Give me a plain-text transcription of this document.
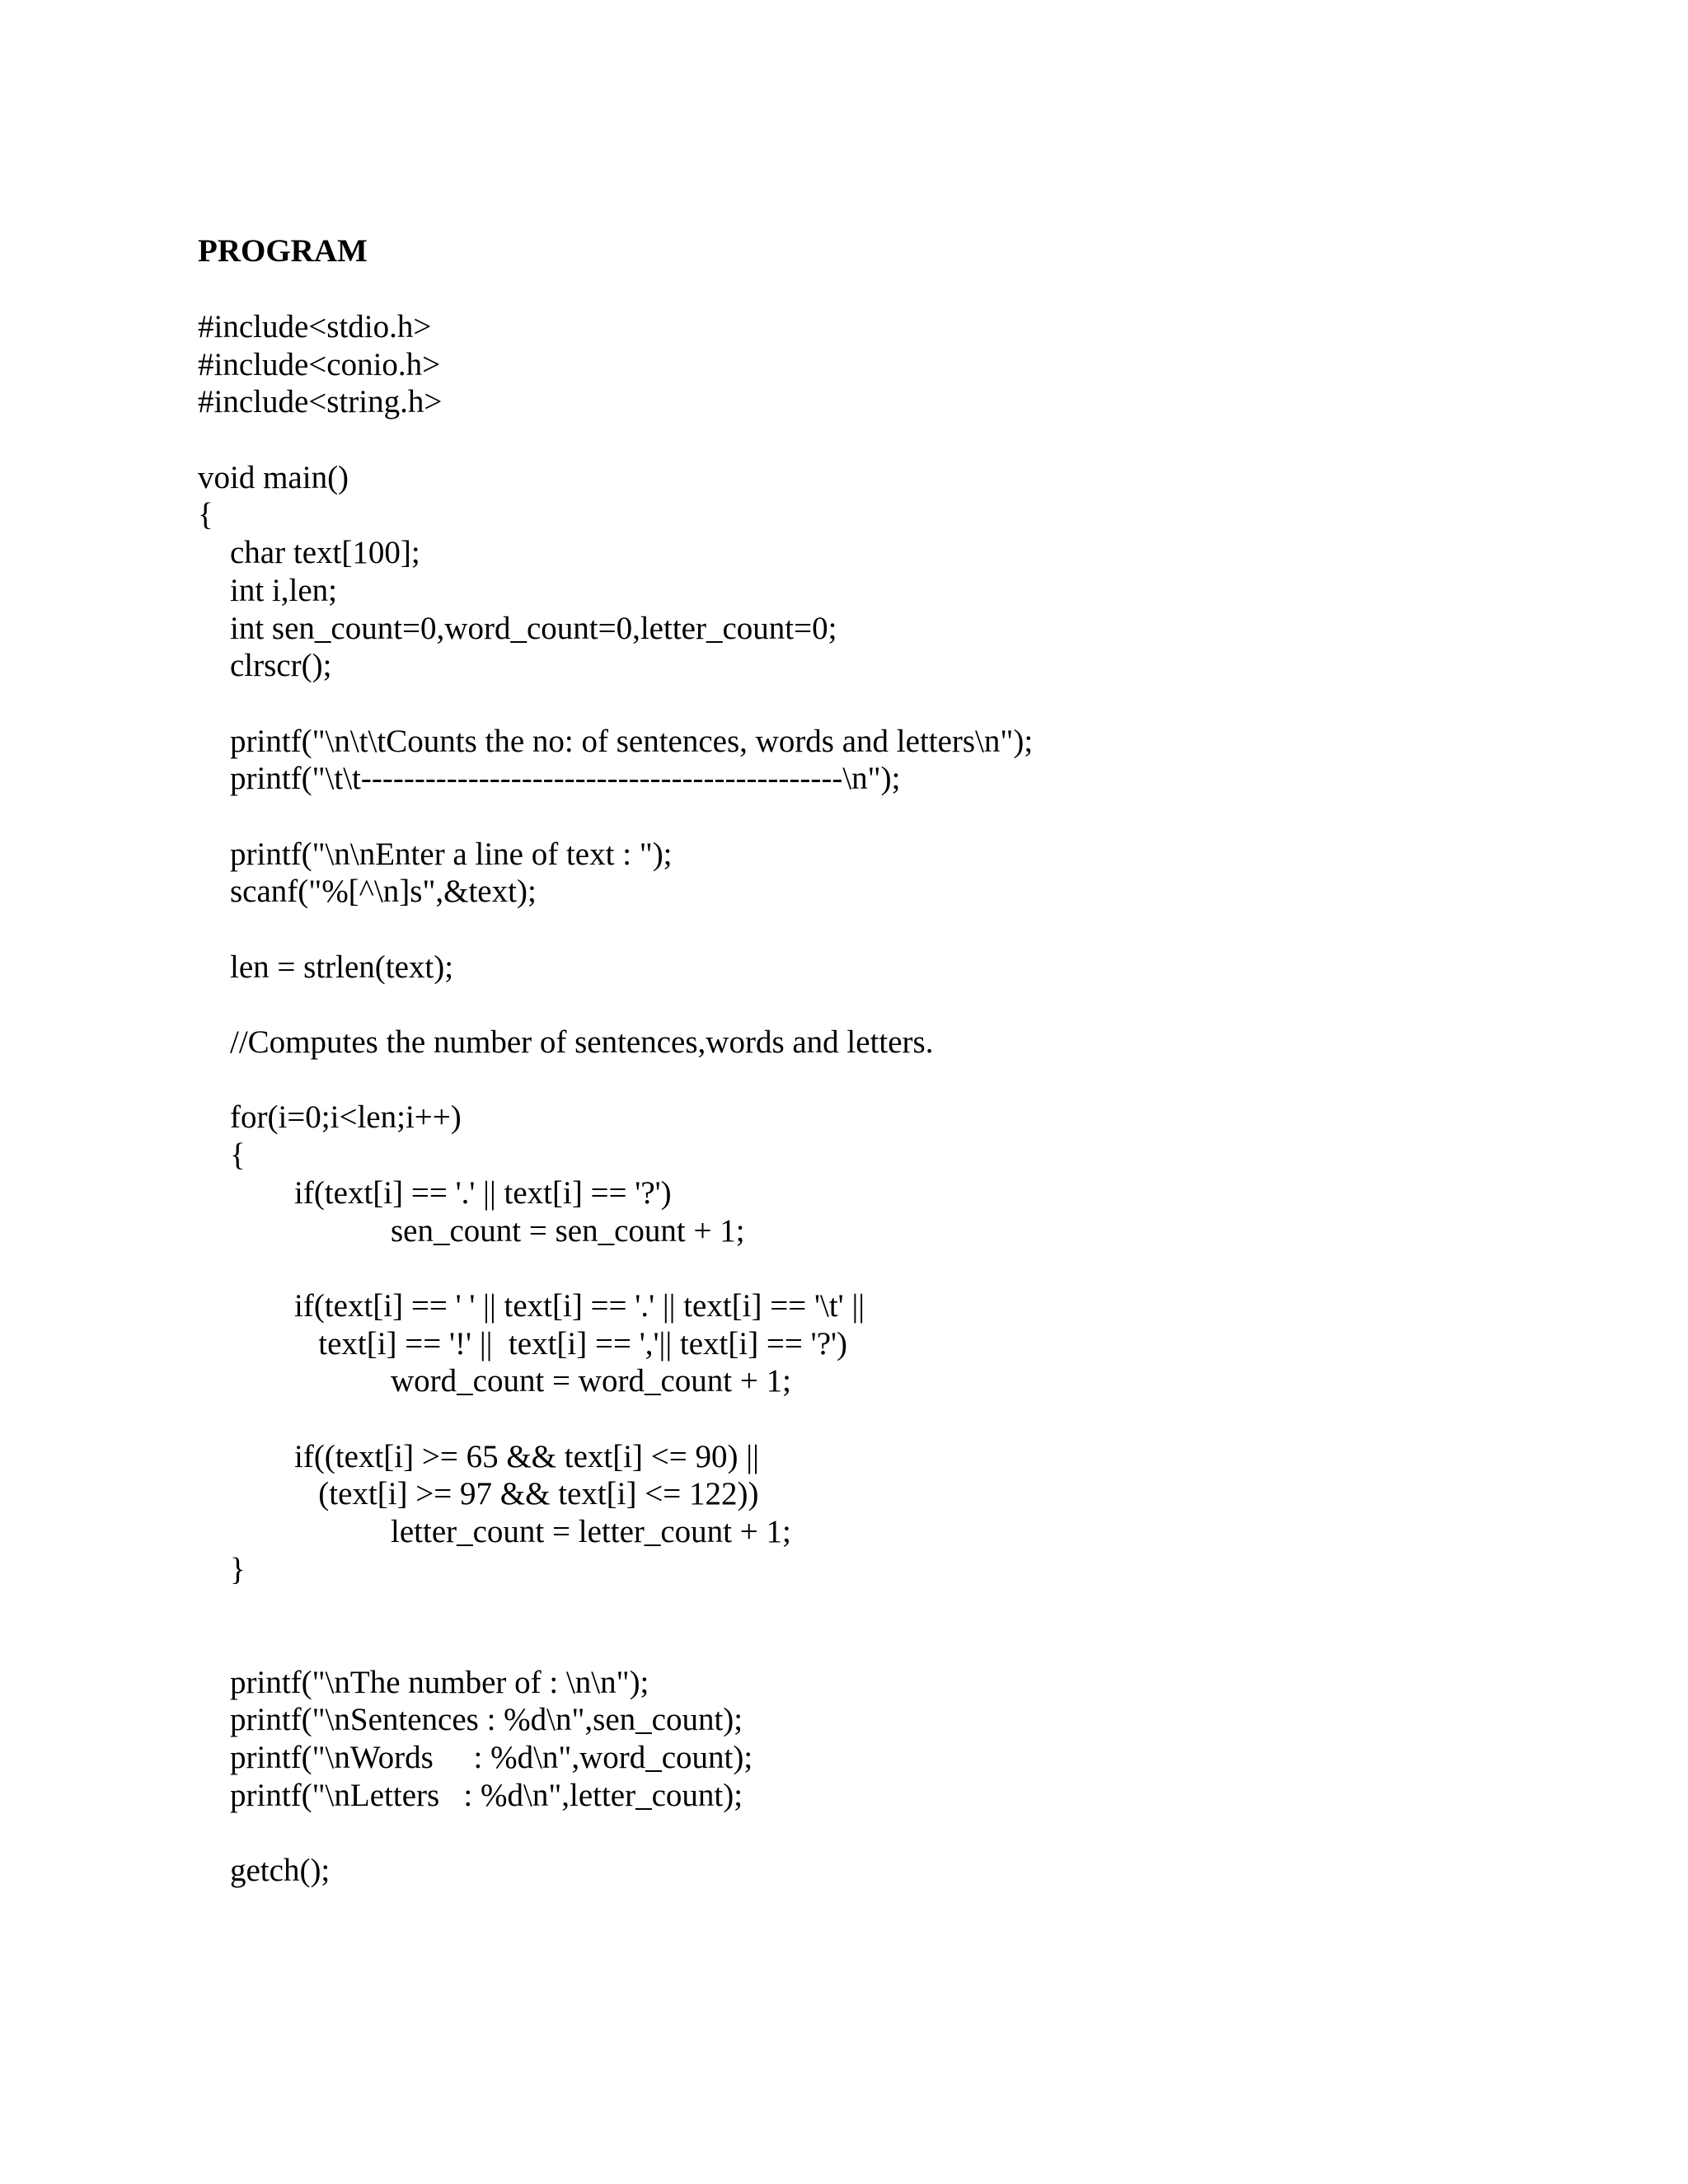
PROGRAM
#include<stdio.h>
#include<conio.h>
#include<string.h>
void main()
{
char text[100];
int i,len;
int sen_count=0,word_count=0,letter_count=0;
clrscr();
printf("\n\t\tCounts the no: of sentences, words and letters\n");
printf("\t\t---------------------------------------------\n");
printf("\n\nEnter a line of text : ");
scanf("%[^\n]s",&text);
len = strlen(text);
//Computes the number of sentences,words and letters.
for(i=0;i<len;i++)
{
if(text[i] == '.' || text[i] == '?')
sen_count = sen_count + 1;
if(text[i] == ' ' || text[i] == '.' || text[i] == '\t' ||
text[i] == '!' ||  text[i] == ','|| text[i] == '?')
word_count = word_count + 1;
if((text[i] >= 65 && text[i] <= 90) ||
(text[i] >= 97 && text[i] <= 122))
letter_count = letter_count + 1;
}
printf("\nThe number of : \n\n");
printf("\nSentences : %d\n",sen_count);
printf("\nWords     : %d\n",word_count);
printf("\nLetters   : %d\n",letter_count);
getch();
